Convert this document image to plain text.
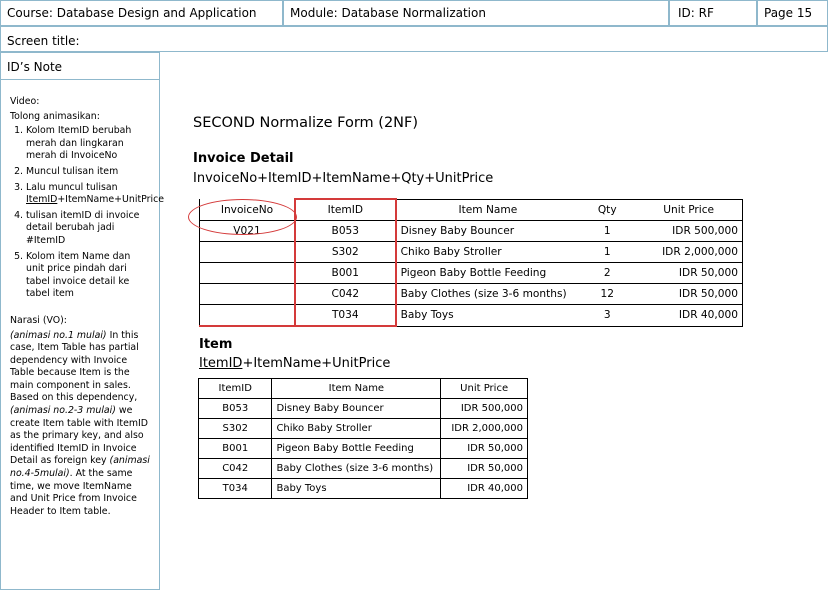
Course: Database Design and Application	Module: Database Normalization	ID: RF	Page 15
Screen title:
ID’s Note

Video:

Tolong animasikan:

1. Kolom ItemID berubah merah dan lingkaran merah di InvoiceNo
2. Muncul tulisan item
3. Lalu muncul tulisan ItemID+ItemName+UnitPrice
4. tulisan itemID di invoice detail berubah jadi #ItemID
5. Kolom item Name dan unit price pindah dari tabel invoice detail ke tabel item

Narasi (VO):

(animasi no.1 mulai) In this case, Item Table has partial dependency with Invoice Table because Item is the main component in sales. Based on this dependency, (animasi no.2-3 mulai) we create Item table with ItemID as the primary key, and also identified ItemID in Invoice Detail as foreign key (animasi no.4-5mulai). At the same time, we move ItemName and Unit Price from Invoice Header to Item table.

SECOND Normalize Form (2NF)
Invoice Detail
InvoiceNo+ItemID+ItemName+Qty+UnitPrice
InvoiceNo	ItemID	Item Name	Qty	Unit Price
V021	B053	Disney Baby Bouncer	1	IDR 500,000
	S302	Chiko Baby Stroller	1	IDR 2,000,000
	B001	Pigeon Baby Bottle Feeding	2	IDR 50,000
	C042	Baby Clothes (size 3-6 months)	12	IDR 50,000
	T034	Baby Toys	3	IDR 40,000
Item
ItemID+ItemName+UnitPrice
ItemID	Item Name	Unit Price
B053	Disney Baby Bouncer	IDR 500,000
S302	Chiko Baby Stroller	IDR 2,000,000
B001	Pigeon Baby Bottle Feeding	IDR 50,000
C042	Baby Clothes (size 3-6 months)	IDR 50,000
T034	Baby Toys	IDR 40,000
